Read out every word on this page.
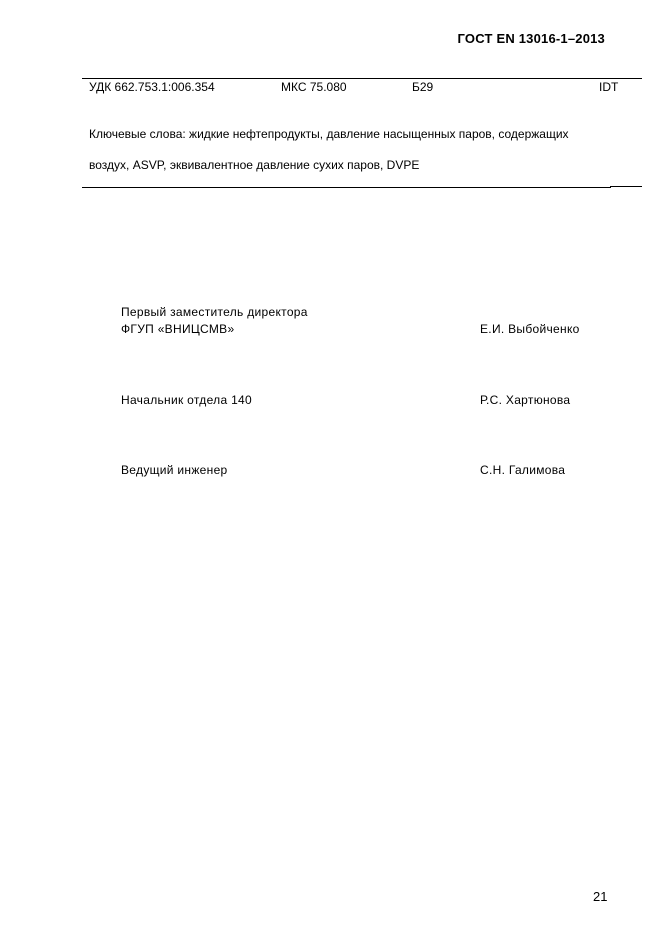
ГОСТ EN 13016-1–2013
УДК 662.753.1:006.354	МКС 75.080	Б29	IDT
Ключевые слова: жидкие нефтепродукты, давление насыщенных паров, содержащих
воздух, ASVP, эквивалентное давление сухих паров, DVPE
Первый заместитель директора
ФГУП «ВНИЦСМВ»	Е.И. Выбойченко
Начальник отдела 140	Р.С. Хартюнова
Ведущий инженер	С.Н. Галимова
21
